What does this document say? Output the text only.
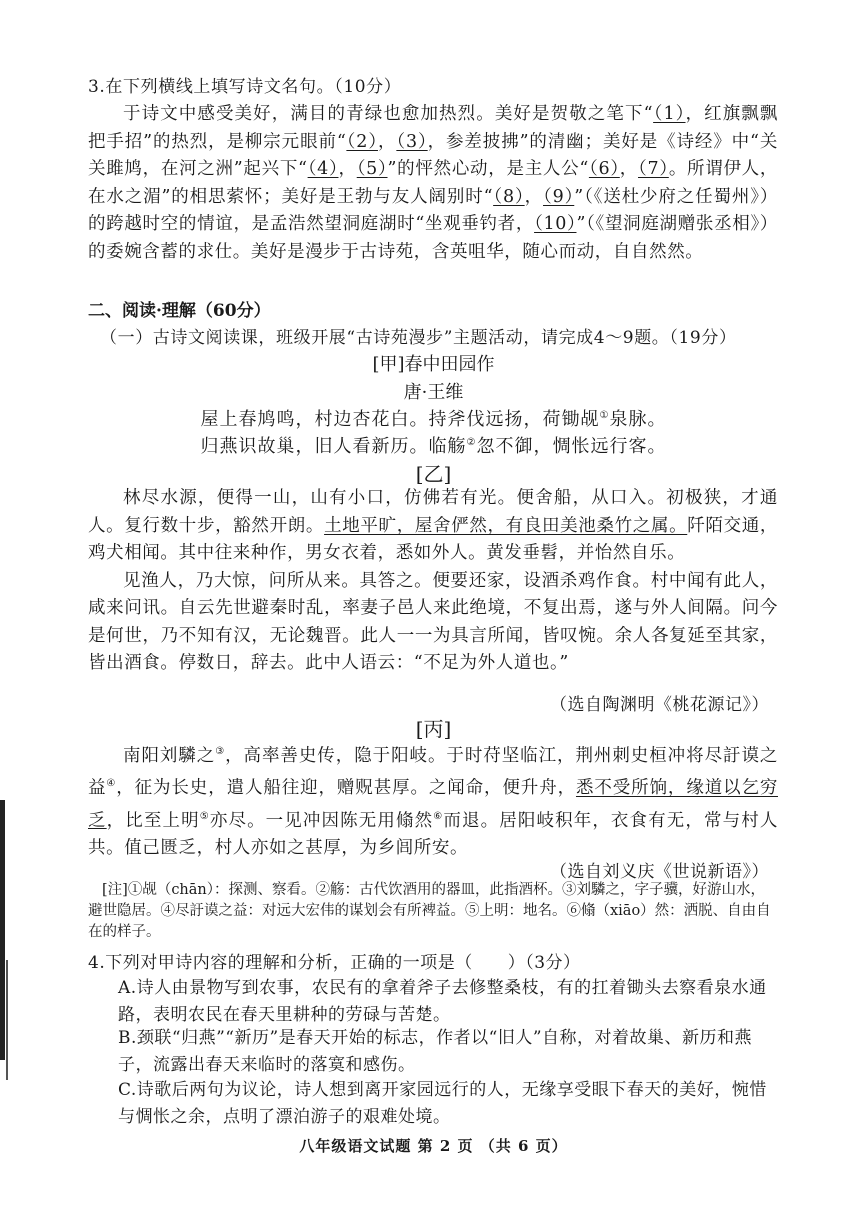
3.在下列横线上填写诗文名句。（10分）
于诗文中感受美好，满目的青绿也愈加热烈。美好是贺敬之笔下“（1），红旗飘飘把手招”的热烈，是柳宗元眼前“（2），（3），参差披拂”的清幽；美好是《诗经》中“关关雎鸠，在河之洲”起兴下“（4），（5）”的怦然心动，是主人公“（6），（7）。所谓伊人，在水之湄”的相思萦怀；美好是王勃与友人阔别时“（8），（9）”（《送杜少府之任蜀州》）的跨越时空的情谊，是孟浩然望洞庭湖时“坐观垂钓者，（10）”（《望洞庭湖赠张丞相》）的委婉含蓄的求仕。美好是漫步于古诗苑，含英咀华，随心而动，自自然然。
二、阅读·理解（60分）
（一）古诗文阅读课，班级开展“古诗苑漫步”主题活动，请完成4～9题。（19分）
[甲]春中田园作
唐·王维
屋上春鸠鸣，村边杏花白。持斧伐远扬，荷锄觇①泉脉。
归燕识故巢，旧人看新历。临觞②忽不御，惆怅远行客。
[乙]
林尽水源，便得一山，山有小口，仿佛若有光。便舍船，从口入。初极狭，才通人。复行数十步，豁然开朗。土地平旷，屋舍俨然，有良田美池桑竹之属。阡陌交通，鸡犬相闻。其中往来种作，男女衣着，悉如外人。黄发垂髫，并怡然自乐。
见渔人，乃大惊，问所从来。具答之。便要还家，设酒杀鸡作食。村中闻有此人，咸来问讯。自云先世避秦时乱，率妻子邑人来此绝境，不复出焉，遂与外人间隔。问今是何世，乃不知有汉，无论魏晋。此人一一为具言所闻，皆叹惋。余人各复延至其家，皆出酒食。停数日，辞去。此中人语云：“不足为外人道也。”
（选自陶渊明《桃花源记》）
[丙]
南阳刘驎之③，高率善史传，隐于阳岐。于时苻坚临江，荆州刺史桓冲将尽訏谟之益④，征为长史，遣人船往迎，赠贶甚厚。之闻命，便升舟，悉不受所饷，缘道以乞穷乏，比至上明⑤亦尽。一见冲因陈无用翛然⑥而退。居阳岐积年，衣食有无，常与村人共。值己匮乏，村人亦如之甚厚，为乡闾所安。
（选自刘义庆《世说新语》）
[注]①觇（chān）：探测、察看。②觞：古代饮酒用的器皿，此指酒杯。③刘驎之，字子骥，好游山水，避世隐居。④尽訏谟之益：对远大宏伟的谋划会有所裨益。⑤上明：地名。⑥翛（xiāo）然：洒脱、自由自在的样子。
4.下列对甲诗内容的理解和分析，正确的一项是（　　）（3分）
A.诗人由景物写到农事，农民有的拿着斧子去修整桑枝，有的扛着锄头去察看泉水通路，表明农民在春天里耕种的劳碌与苦楚。
B.颈联“归燕”“新历”是春天开始的标志，作者以“旧人”自称，对着故巢、新历和燕子，流露出春天来临时的落寞和感伤。
C.诗歌后两句为议论，诗人想到离开家园远行的人，无缘享受眼下春天的美好，惋惜与惆怅之余，点明了漂泊游子的艰难处境。
八年级语文试题 第 2 页 （共 6 页）
